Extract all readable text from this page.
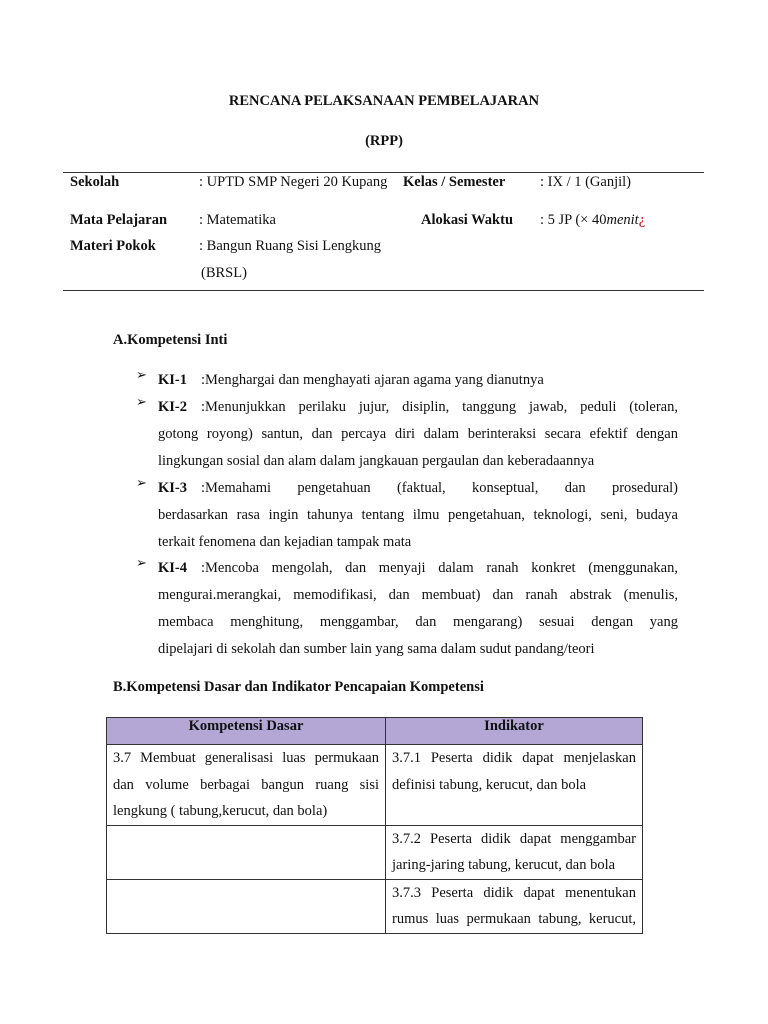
RENCANA PELAKSANAAN PEMBELAJARAN
(RPP)
Sekolah	: UPTD SMP Negeri 20 Kupang Kelas / Semester : IX / 1 (Ganjil)
Mata Pelajaran : Matematika	Alokasi Waktu : 5 JP (× 40menit¿
Materi Pokok	: Bangun Ruang Sisi Lengkung
(BRSL)
A.Kompetensi Inti
➢ KI-1 :Menghargai dan menghayati ajaran agama yang dianutnya
➢ KI-2 :Menunjukkan perilaku jujur, disiplin, tanggung jawab, peduli (toleran,
gotong royong) santun, dan percaya diri dalam berinteraksi secara efektif dengan
lingkungan sosial dan alam dalam jangkauan pergaulan dan keberadaannya
➢ KI-3 :Memahami pengetahuan (faktual, konseptual, dan prosedural)
berdasarkan rasa ingin tahunya tentang ilmu pengetahuan, teknologi, seni, budaya
terkait fenomena dan kejadian tampak mata
➢ KI-4 :Mencoba mengolah, dan menyaji dalam ranah konkret (menggunakan,
mengurai.merangkai, memodifikasi, dan membuat) dan ranah abstrak (menulis,
membaca menghitung, menggambar, dan mengarang) sesuai dengan yang
dipelajari di sekolah dan sumber lain yang sama dalam sudut pandang/teori
B.Kompetensi Dasar dan Indikator Pencapaian Kompetensi
Kompetensi Dasar	Indikator

3.7 Membuat generalisasi luas permukaan
dan volume berbagai bangun ruang sisi
lengkung ( tabung,kerucut, dan bola)	3.7.1 Peserta didik dapat menjelaskan
definisi tabung, kerucut, dan bola

	3.7.2 Peserta didik dapat menggambar
jaring-jaring tabung, kerucut, dan bola

	3.7.3 Peserta didik dapat menentukan
rumus luas permukaan tabung, kerucut,
